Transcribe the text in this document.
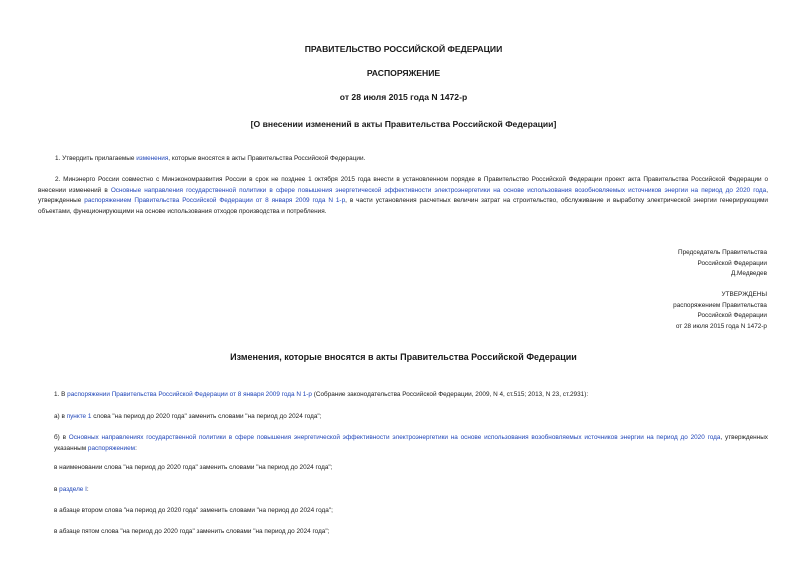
ПРАВИТЕЛЬСТВО РОССИЙСКОЙ ФЕДЕРАЦИИ
РАСПОРЯЖЕНИЕ
от 28 июля 2015 года N 1472-р
[О внесении изменений в акты Правительства Российской Федерации]
1. Утвердить прилагаемые изменения, которые вносятся в акты Правительства Российской Федерации.
2. Минэнерго России совместно с Минэкономразвития России в срок не позднее 1 октября 2015 года внести в установленном порядке в Правительство Российской Федерации проект акта Правительства Российской Федерации о внесении изменений в Основные направления государственной политики в сфере повышения энергетической эффективности электроэнергетики на основе использования возобновляемых источников энергии на период до 2020 года, утвержденные распоряжением Правительства Российской Федерации от 8 января 2009 года N 1-р, в части установления расчетных величин затрат на строительство, обслуживание и выработку электрической энергии генерирующими объектами, функционирующими на основе использования отходов производства и потребления.
Председатель Правительства
Российской Федерации
Д.Медведев
УТВЕРЖДЕНЫ
распоряжением Правительства
Российской Федерации
от 28 июля 2015 года N 1472-р
Изменения, которые вносятся в акты Правительства Российской Федерации
1. В распоряжении Правительства Российской Федерации от 8 января 2009 года N 1-р (Собрание законодательства Российской Федерации, 2009, N 4, ст.515; 2013, N 23, ст.2931):
а) в пункте 1 слова "на период до 2020 года" заменить словами "на период до 2024 года";
б) в Основных направлениях государственной политики в сфере повышения энергетической эффективности электроэнергетики на основе использования возобновляемых источников энергии на период до 2020 года, утвержденных указанным распоряжением:
в наименовании слова "на период до 2020 года" заменить словами "на период до 2024 года";
в разделе I:
в абзаце втором слова "на период до 2020 года" заменить словами "на период до 2024 года";
в абзаце пятом слова "на период до 2020 года" заменить словами "на период до 2024 года";
